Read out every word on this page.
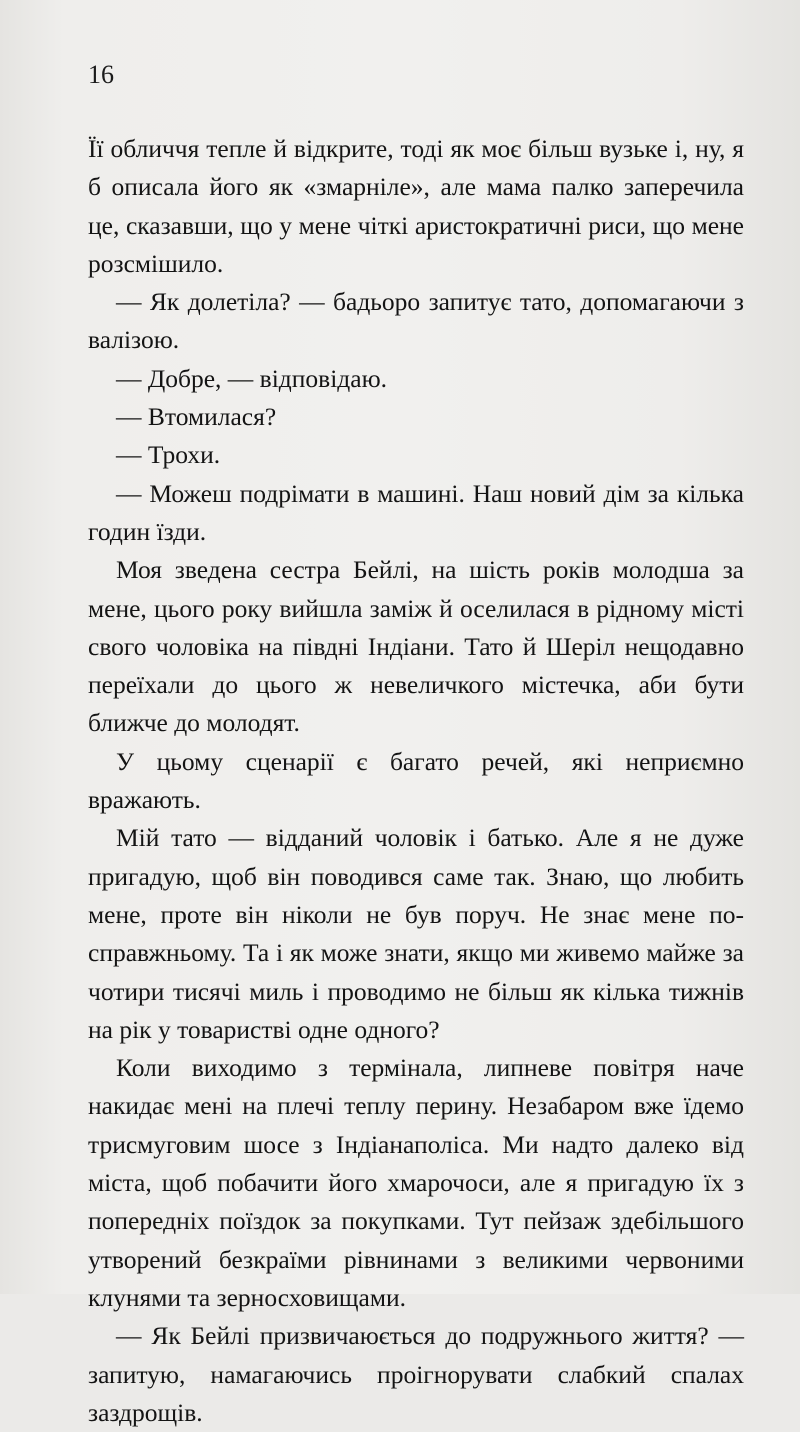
16

Її обличчя тепле й відкрите, тоді як моє більш вузьке і, ну, я б описала його як «змарніле», але мама палко заперечила це, сказавши, що у мене чіткі аристократичні риси, що мене розсмішило.

— Як долетіла? — бадьоро запитує тато, допомагаючи з валізою.

— Добре, — відповідаю.

— Втомилася?

— Трохи.

— Можеш подрімати в машині. Наш новий дім за кілька годин їзди.

Моя зведена сестра Бейлі, на шість років молодша за мене, цього року вийшла заміж й оселилася в рідному місті свого чоловіка на півдні Індіани. Тато й Шеріл нещодавно переїхали до цього ж невеличкого містечка, аби бути ближче до молодят.

У цьому сценарії є багато речей, які неприємно вражають.

Мій тато — відданий чоловік і батько. Але я не дуже пригадую, щоб він поводився саме так. Знаю, що любить мене, проте він ніколи не був поруч. Не знає мене по-справжньому. Та і як може знати, якщо ми живемо майже за чотири тисячі миль і проводимо не більш як кілька тижнів на рік у товаристві одне одного?

Коли виходимо з термінала, липневе повітря наче накидає мені на плечі теплу перину. Незабаром вже їдемо трисмуговим шосе з Індіанаполіса. Ми надто далеко від міста, щоб побачити його хмарочоси, але я пригадую їх з попередніх поїздок за покупками. Тут пейзаж здебільшого утворений безкраїми рівнинами з великими червоними клунями та зерносховищами.

— Як Бейлі призвичаюється до подружнього життя? — запитую, намагаючись проігнорувати слабкий спалах заздрощів.
